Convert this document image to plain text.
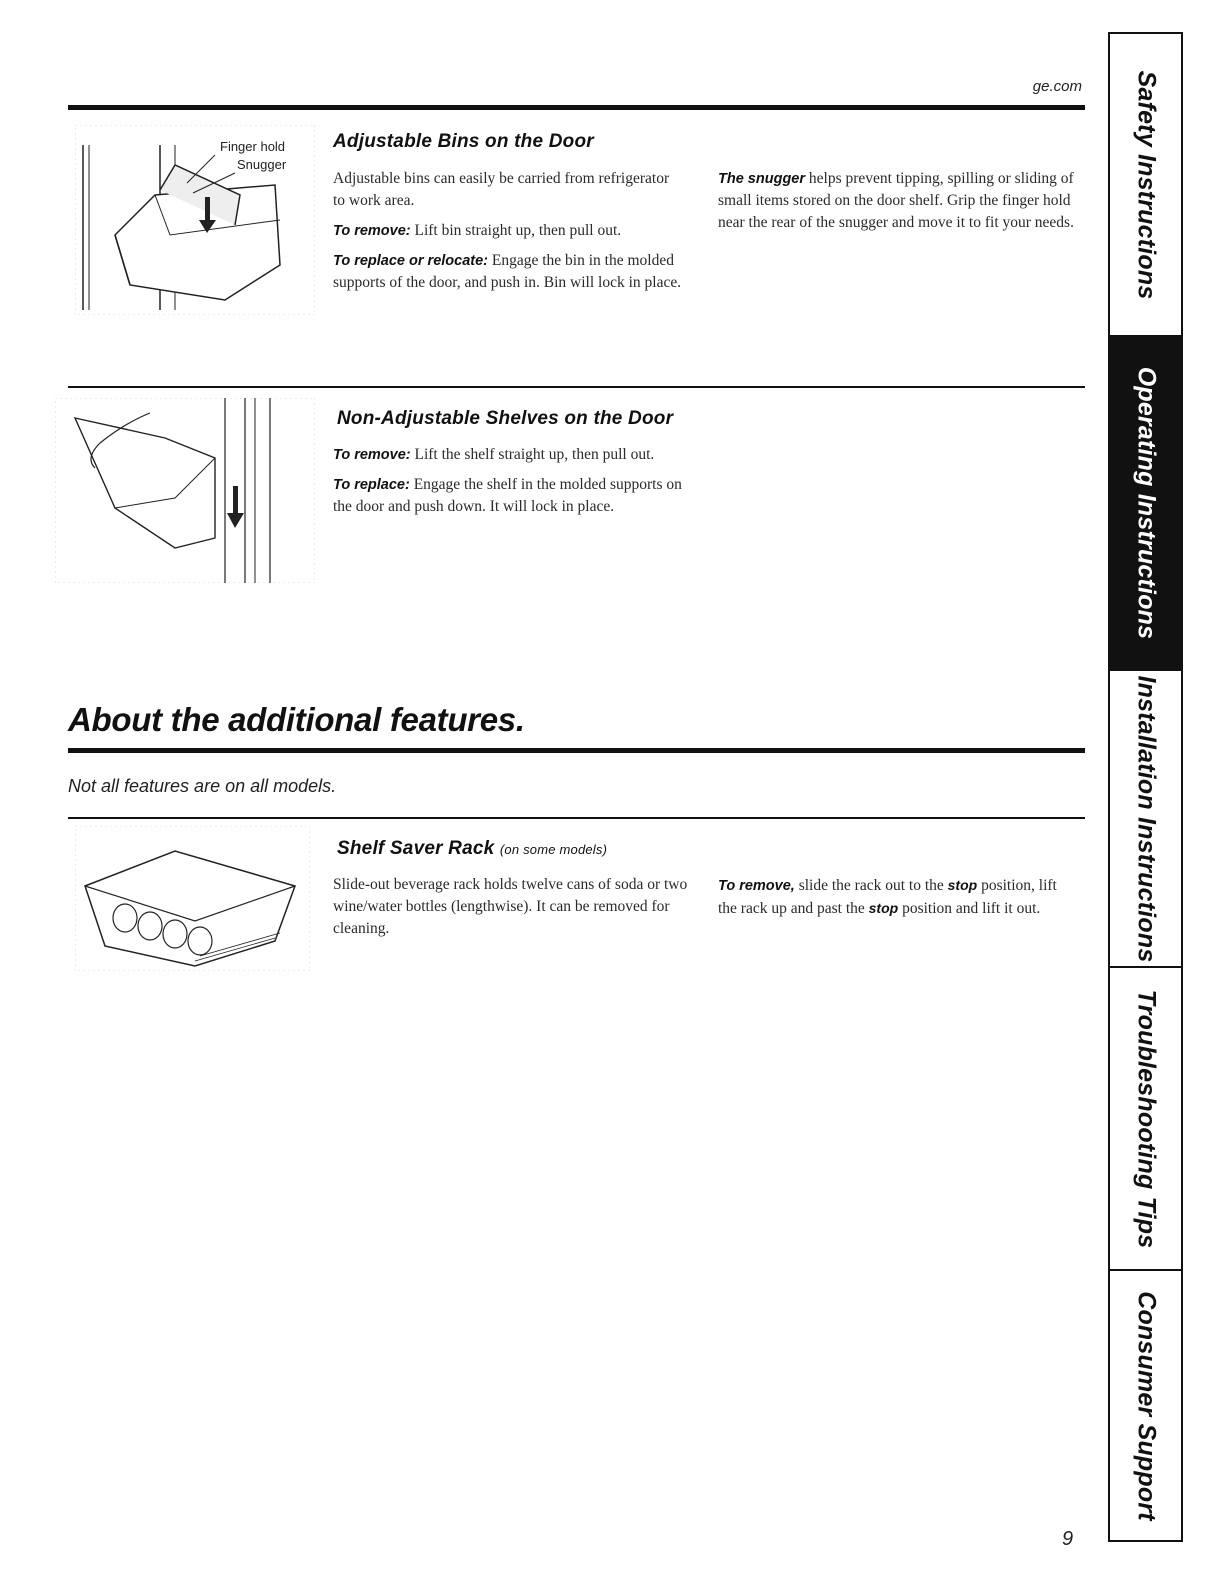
ge.com
Finger hold
Snugger
Adjustable Bins on the Door

Adjustable bins can easily be carried from refrigerator to work area.

To remove: Lift bin straight up, then pull out.

To replace or relocate: Engage the bin in the molded supports of the door, and push in. Bin will lock in place.

The snugger helps prevent tipping, spilling or sliding of small items stored on the door shelf. Grip the finger hold near the rear of the snugger and move it to fit your needs.

Non-Adjustable Shelves on the Door

To remove: Lift the shelf straight up, then pull out.

To replace: Engage the shelf in the molded supports on the door and push down. It will lock in place.

About the additional features.

Not all features are on all models.

Shelf Saver Rack (on some models)

Slide-out beverage rack holds twelve cans of soda or two wine/water bottles (lengthwise). It can be removed for cleaning.

To remove, slide the rack out to the stop position, lift the rack up and past the stop position and lift it out.

9
Safety Instructions
Operating Instructions
Installation Instructions
Troubleshooting Tips
Consumer Support
